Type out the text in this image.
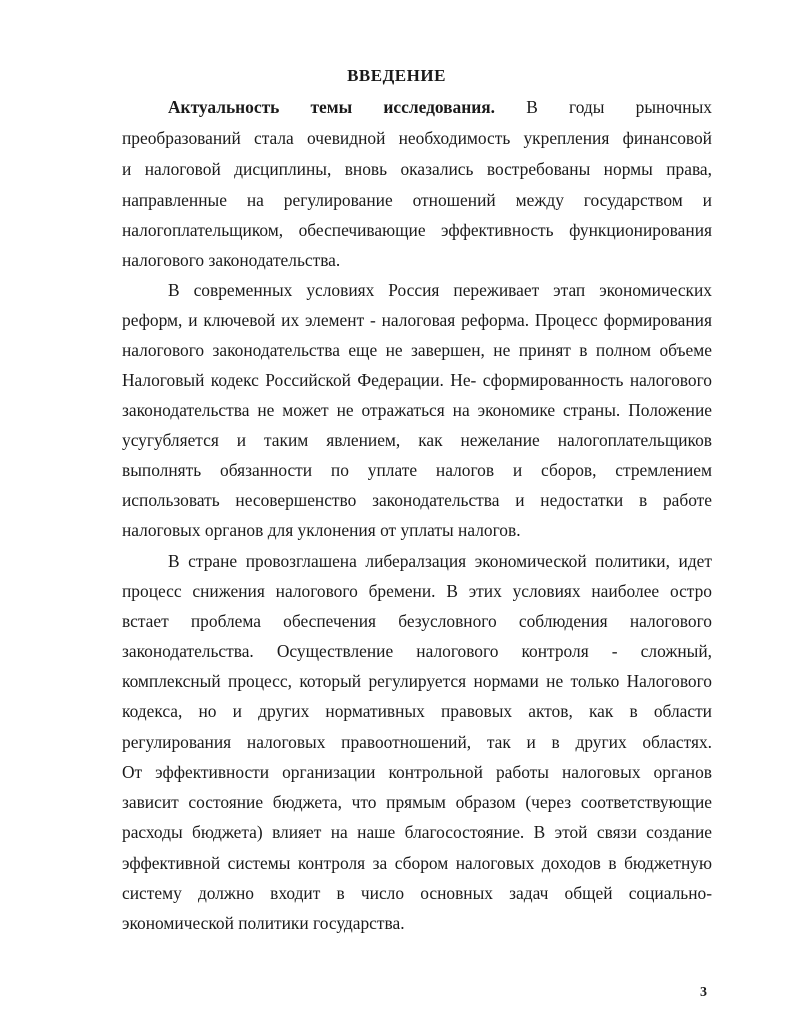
ВВЕДЕНИЕ
Актуальность темы исследования. В годы рыночных
преобразований стала очевидной необходимость укрепления финансовой
и налоговой дисциплины, вновь оказались востребованы нормы права,
направленные на регулирование отношений между государством и
налогоплательщиком, обеспечивающие эффективность функционирования
налогового законодательства.
В современных условиях Россия переживает этап экономических
реформ, и ключевой их элемент - налоговая реформа. Процесс формирования
налогового законодательства еще не завершен, не принят в полном объеме
Налоговый кодекс Российской Федерации. Не- сформированность налогового
законодательства не может не отражаться на экономике страны. Положение
усугубляется и таким явлением, как нежелание налогоплательщиков
выполнять обязанности по уплате налогов и сборов, стремлением
использовать несовершенство законодательства и недостатки в работе
налоговых органов для уклонения от уплаты налогов.
В стране провозглашена либералзация экономической политики, идет
процесс снижения налогового бремени. В этих условиях наиболее остро
встает проблема обеспечения безусловного соблюдения налогового
законодательства. Осуществление налогового контроля - сложный,
комплексный процесс, который регулируется нормами не только Налогового
кодекса, но и других нормативных правовых актов, как в области
регулирования налоговых правоотношений, так и в других областях.
От эффективности организации контрольной работы налоговых органов
зависит состояние бюджета, что прямым образом (через соответствующие
расходы бюджета) влияет на наше благосостояние. В этой связи создание
эффективной системы контроля за сбором налоговых доходов в бюджетную
систему должно входит в число основных задач общей социально-
экономической политики государства.
3
